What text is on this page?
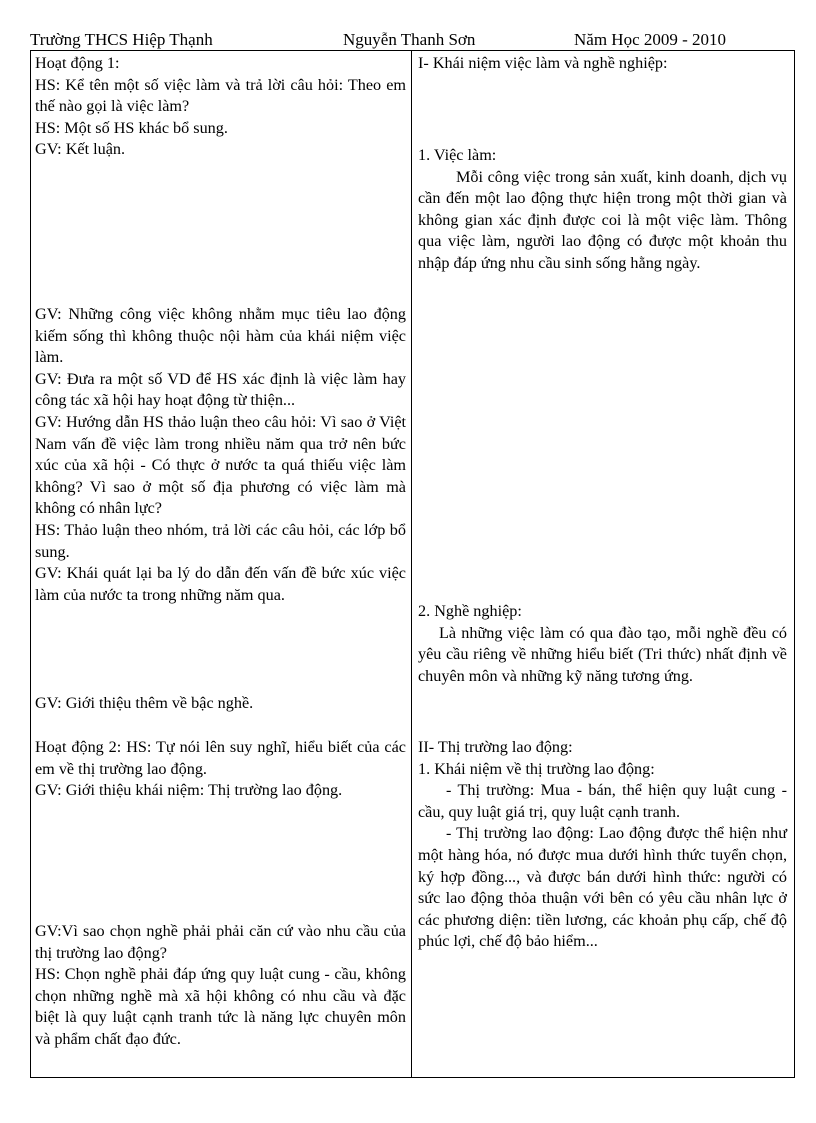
Trường THCS Hiệp Thạnh	Nguyễn Thanh Sơn	Năm Học 2009 - 2010
Hoạt động 1:
HS: Kể tên một số việc làm và trả lời câu hỏi: Theo em thế nào gọi là việc làm?
HS: Một số HS khác bổ sung.
GV: Kết luận.
GV: Những công việc không nhằm mục tiêu lao động kiếm sống thì không thuộc nội hàm của khái niệm việc làm.
GV: Đưa ra một số VD để HS xác định là việc làm hay công tác xã hội hay hoạt động từ thiện...
GV: Hướng dẫn HS thảo luận theo câu hỏi: Vì sao ở Việt Nam vấn đề việc làm trong nhiều năm qua trở nên bức xúc của xã hội - Có thực ở nước ta quá thiếu việc làm không? Vì sao ở một số địa phương có việc làm mà không có nhân lực?
HS: Thảo luận theo nhóm, trả lời các câu hỏi, các lớp bổ sung.
GV: Khái quát lại ba lý do dẫn đến vấn đề bức xúc việc làm của nước ta trong những năm qua.
GV: Giới thiệu thêm về bậc nghề.
Hoạt động 2: HS: Tự nói lên suy nghĩ, hiểu biết của các em về thị trường lao động.
GV: Giới thiệu khái niệm: Thị trường lao động.
GV:Vì sao chọn nghề phải phải căn cứ vào nhu cầu của thị trường lao động?
HS: Chọn nghề phải đáp ứng quy luật cung - cầu, không chọn những nghề mà xã hội không có nhu cầu và đặc biệt là quy luật cạnh tranh tức là năng lực chuyên môn và phẩm chất đạo đức.
I- Khái niệm việc làm và nghề nghiệp:
1. Việc làm:
Mỗi công việc trong sản xuất, kinh doanh, dịch vụ cần đến một lao động thực hiện trong một thời gian và không gian xác định được coi là một việc làm. Thông qua việc làm, người lao động có được một khoản thu nhập đáp ứng nhu cầu sinh sống hằng ngày.
2. Nghề nghiệp:
Là những việc làm có qua đào tạo, mỗi nghề đều có yêu cầu riêng về những hiểu biết (Tri thức) nhất định về chuyên môn và những kỹ năng tương ứng.
II- Thị trường lao động:
1. Khái niệm về thị trường lao động:
- Thị trường: Mua - bán, thể hiện quy luật cung - cầu, quy luật giá trị, quy luật cạnh tranh.
- Thị trường lao động: Lao động được thể hiện như một hàng hóa, nó được mua dưới hình thức tuyển chọn, ký hợp đồng..., và được bán dưới hình thức: người có sức lao động thỏa thuận với bên có yêu cầu nhân lực ở các phương diện: tiền lương, các khoản phụ cấp, chế độ phúc lợi, chế độ bảo hiểm...
